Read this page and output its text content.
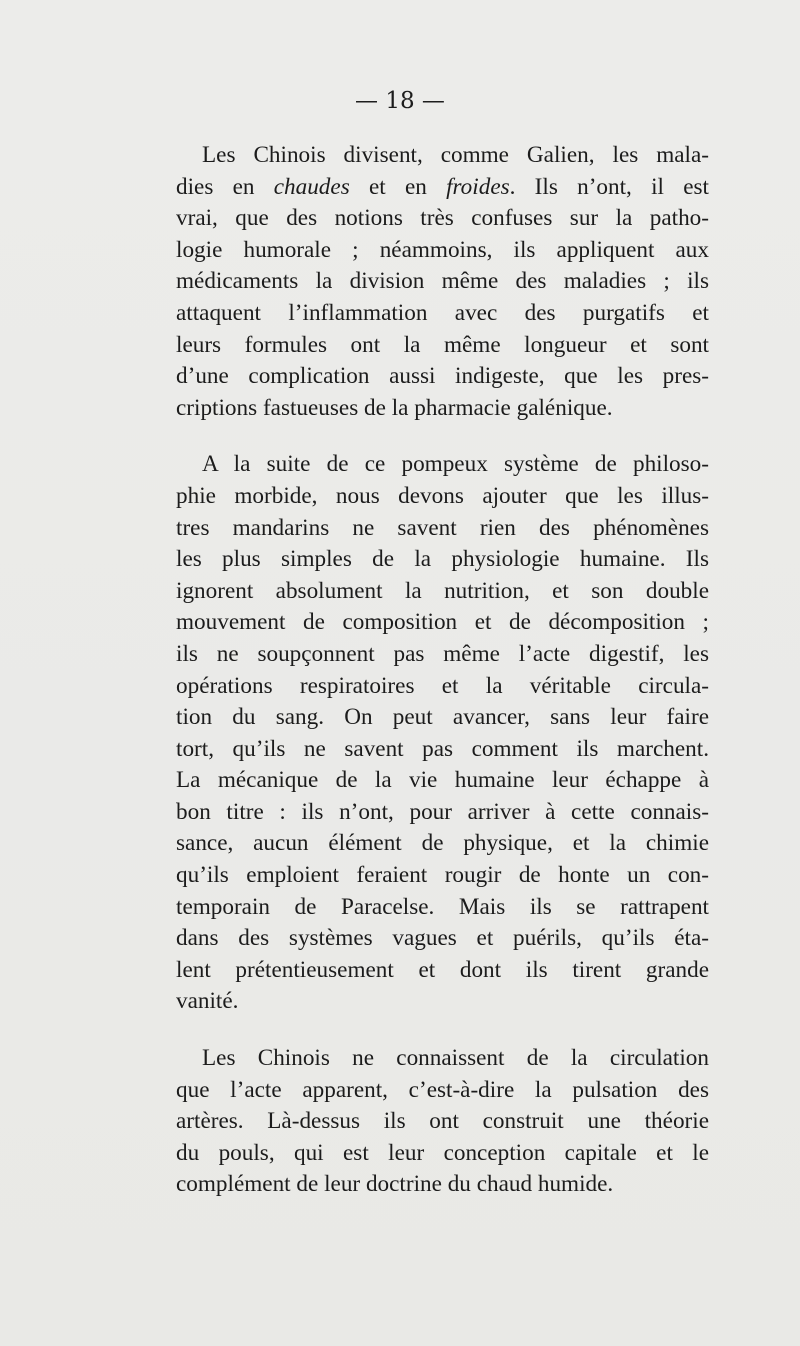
— 18 —
Les Chinois divisent, comme Galien, les mala-
dies en chaudes et en froides. Ils n’ont, il est
vrai, que des notions très confuses sur la patho-
logie humorale ; néammoins, ils appliquent aux
médicaments la division même des maladies ; ils
attaquent l’inflammation avec des purgatifs et
leurs formules ont la même longueur et sont
d’une complication aussi indigeste, que les pres-
criptions fastueuses de la pharmacie galénique.
A la suite de ce pompeux système de philoso-
phie morbide, nous devons ajouter que les illus-
tres mandarins ne savent rien des phénomènes
les plus simples de la physiologie humaine. Ils
ignorent absolument la nutrition, et son double
mouvement de composition et de décomposition ;
ils ne soupçonnent pas même l’acte digestif, les
opérations respiratoires et la véritable circula-
tion du sang. On peut avancer, sans leur faire
tort, qu’ils ne savent pas comment ils marchent.
La mécanique de la vie humaine leur échappe à
bon titre : ils n’ont, pour arriver à cette connais-
sance, aucun élément de physique, et la chimie
qu’ils emploient feraient rougir de honte un con-
temporain de Paracelse. Mais ils se rattrapent
dans des systèmes vagues et puérils, qu’ils éta-
lent prétentieusement et dont ils tirent grande
vanité.
Les Chinois ne connaissent de la circulation
que l’acte apparent, c’est-à-dire la pulsation des
artères. Là-dessus ils ont construit une théorie
du pouls, qui est leur conception capitale et le
complément de leur doctrine du chaud humide.
